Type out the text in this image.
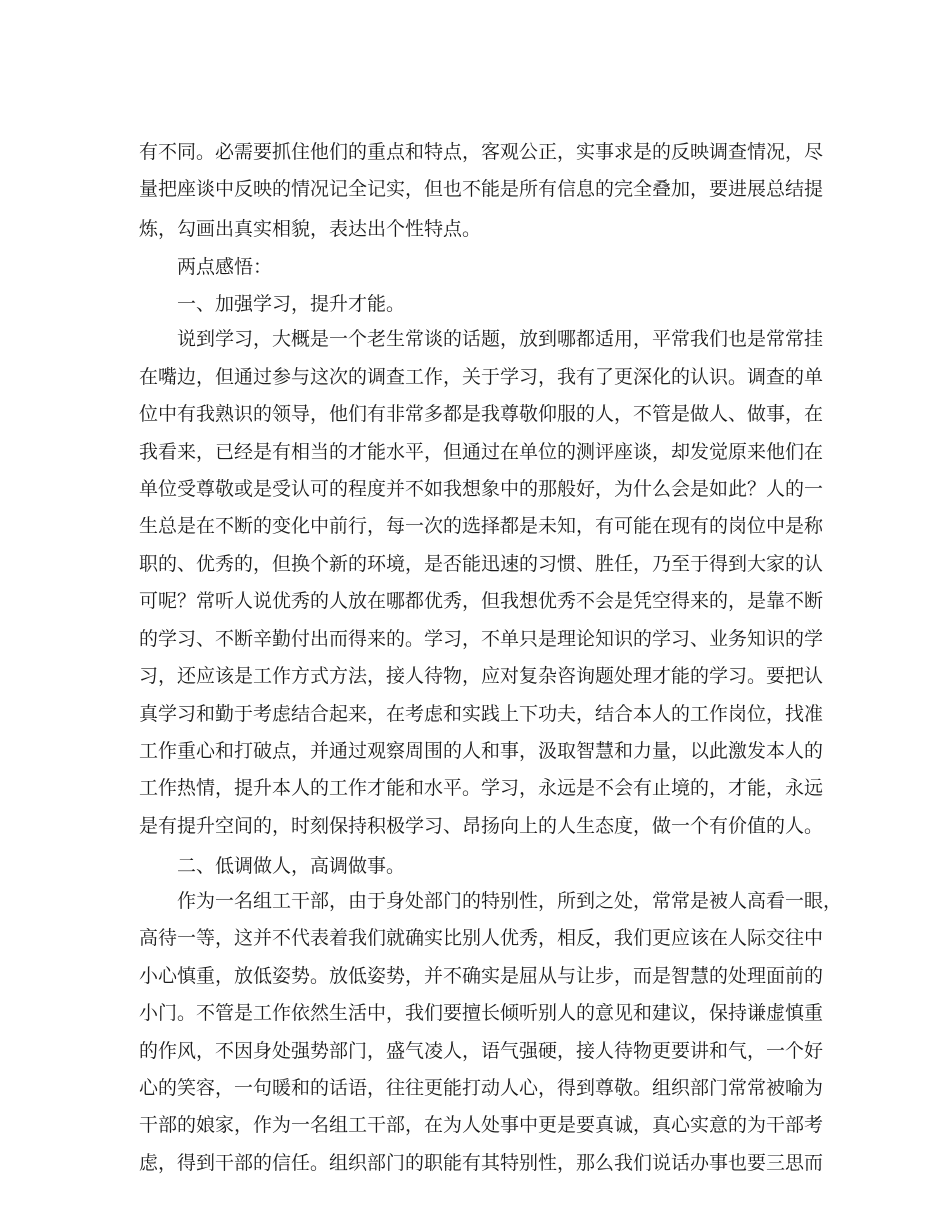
有不同。必需要抓住他们的重点和特点，客观公正，实事求是的反映调查情况，尽
量把座谈中反映的情况记全记实，但也不能是所有信息的完全叠加，要进展总结提
炼，勾画出真实相貌，表达出个性特点。
两点感悟：
一、加强学习，提升才能。
说到学习，大概是一个老生常谈的话题，放到哪都适用，平常我们也是常常挂
在嘴边，但通过参与这次的调查工作，关于学习，我有了更深化的认识。调查的单
位中有我熟识的领导，他们有非常多都是我尊敬仰服的人，不管是做人、做事，在
我看来，已经是有相当的才能水平，但通过在单位的测评座谈，却发觉原来他们在
单位受尊敬或是受认可的程度并不如我想象中的那般好，为什么会是如此？人的一
生总是在不断的变化中前行，每一次的选择都是未知，有可能在现有的岗位中是称
职的、优秀的，但换个新的环境，是否能迅速的习惯、胜任，乃至于得到大家的认
可呢？常听人说优秀的人放在哪都优秀，但我想优秀不会是凭空得来的，是靠不断
的学习、不断辛勤付出而得来的。学习，不单只是理论知识的学习、业务知识的学
习，还应该是工作方式方法，接人待物，应对复杂咨询题处理才能的学习。要把认
真学习和勤于考虑结合起来，在考虑和实践上下功夫，结合本人的工作岗位，找准
工作重心和打破点，并通过观察周围的人和事，汲取智慧和力量，以此激发本人的
工作热情，提升本人的工作才能和水平。学习，永远是不会有止境的，才能，永远
是有提升空间的，时刻保持积极学习、昂扬向上的人生态度，做一个有价值的人。
二、低调做人，高调做事。
作为一名组工干部，由于身处部门的特别性，所到之处，常常是被人高看一眼，
高待一等，这并不代表着我们就确实比别人优秀，相反，我们更应该在人际交往中
小心慎重，放低姿势。放低姿势，并不确实是屈从与让步，而是智慧的处理面前的
小门。不管是工作依然生活中，我们要擅长倾听别人的意见和建议，保持谦虚慎重
的作风，不因身处强势部门，盛气凌人，语气强硬，接人待物更要讲和气，一个好
心的笑容，一句暖和的话语，往往更能打动人心，得到尊敬。组织部门常常被喻为
干部的娘家，作为一名组工干部，在为人处事中更是要真诚，真心实意的为干部考
虑，得到干部的信任。组织部门的职能有其特别性，那么我们说话办事也要三思而
